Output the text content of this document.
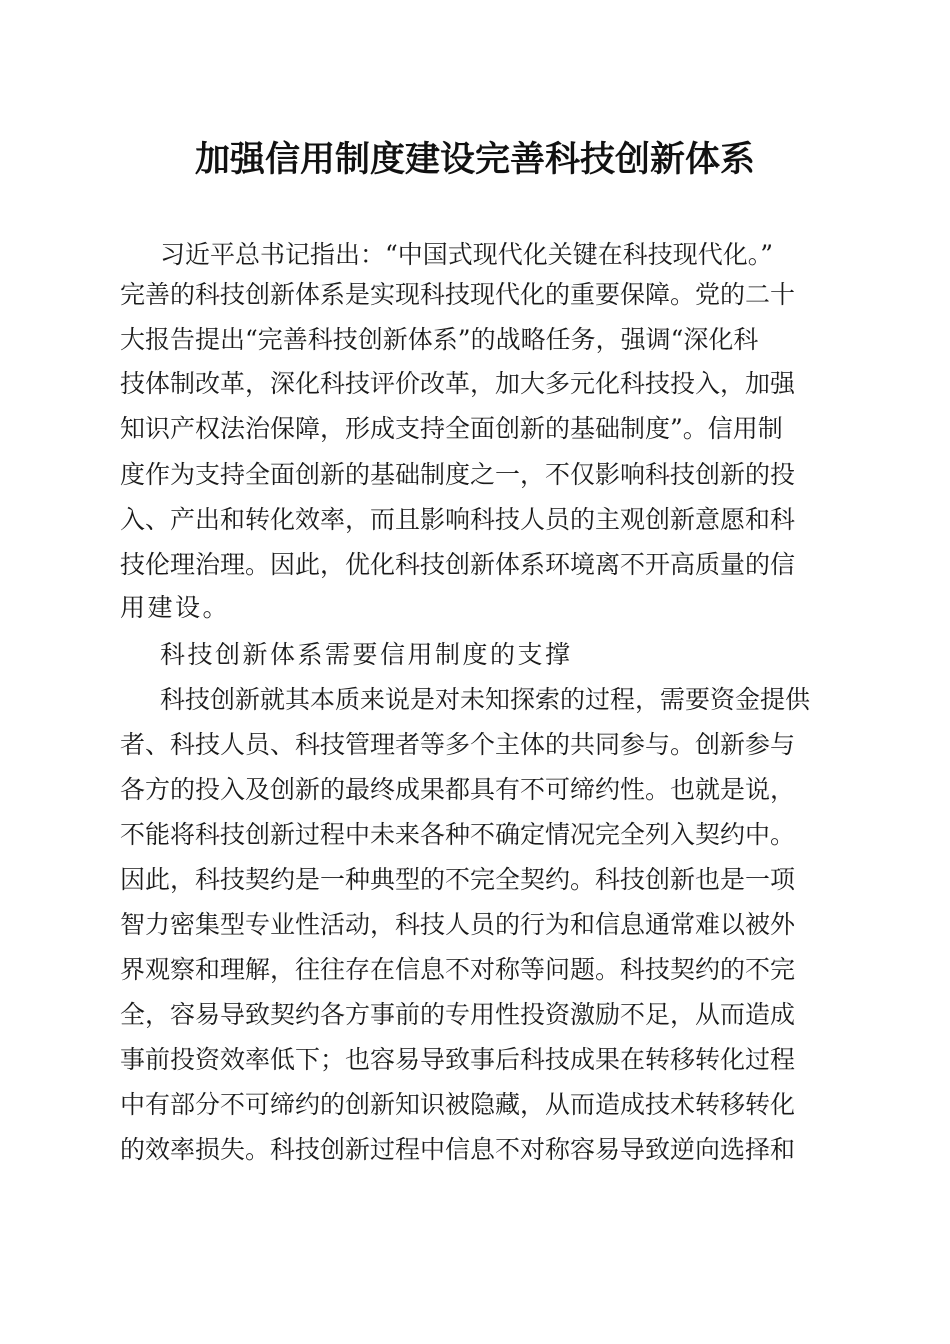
加强信用制度建设完善科技创新体系
习近平总书记指出：“中国式现代化关键在科技现代化。”
完善的科技创新体系是实现科技现代化的重要保障。党的二十
大报告提出“完善科技创新体系”的战略任务，强调“深化科
技体制改革，深化科技评价改革，加大多元化科技投入，加强
知识产权法治保障，形成支持全面创新的基础制度”。信用制
度作为支持全面创新的基础制度之一，不仅影响科技创新的投
入、产出和转化效率，而且影响科技人员的主观创新意愿和科
技伦理治理。因此，优化科技创新体系环境离不开高质量的信
用建设。
科技创新体系需要信用制度的支撑
科技创新就其本质来说是对未知探索的过程，需要资金提供
者、科技人员、科技管理者等多个主体的共同参与。创新参与
各方的投入及创新的最终成果都具有不可缔约性。也就是说，
不能将科技创新过程中未来各种不确定情况完全列入契约中。
因此，科技契约是一种典型的不完全契约。科技创新也是一项
智力密集型专业性活动，科技人员的行为和信息通常难以被外
界观察和理解，往往存在信息不对称等问题。科技契约的不完
全，容易导致契约各方事前的专用性投资激励不足，从而造成
事前投资效率低下；也容易导致事后科技成果在转移转化过程
中有部分不可缔约的创新知识被隐藏，从而造成技术转移转化
的效率损失。科技创新过程中信息不对称容易导致逆向选择和
